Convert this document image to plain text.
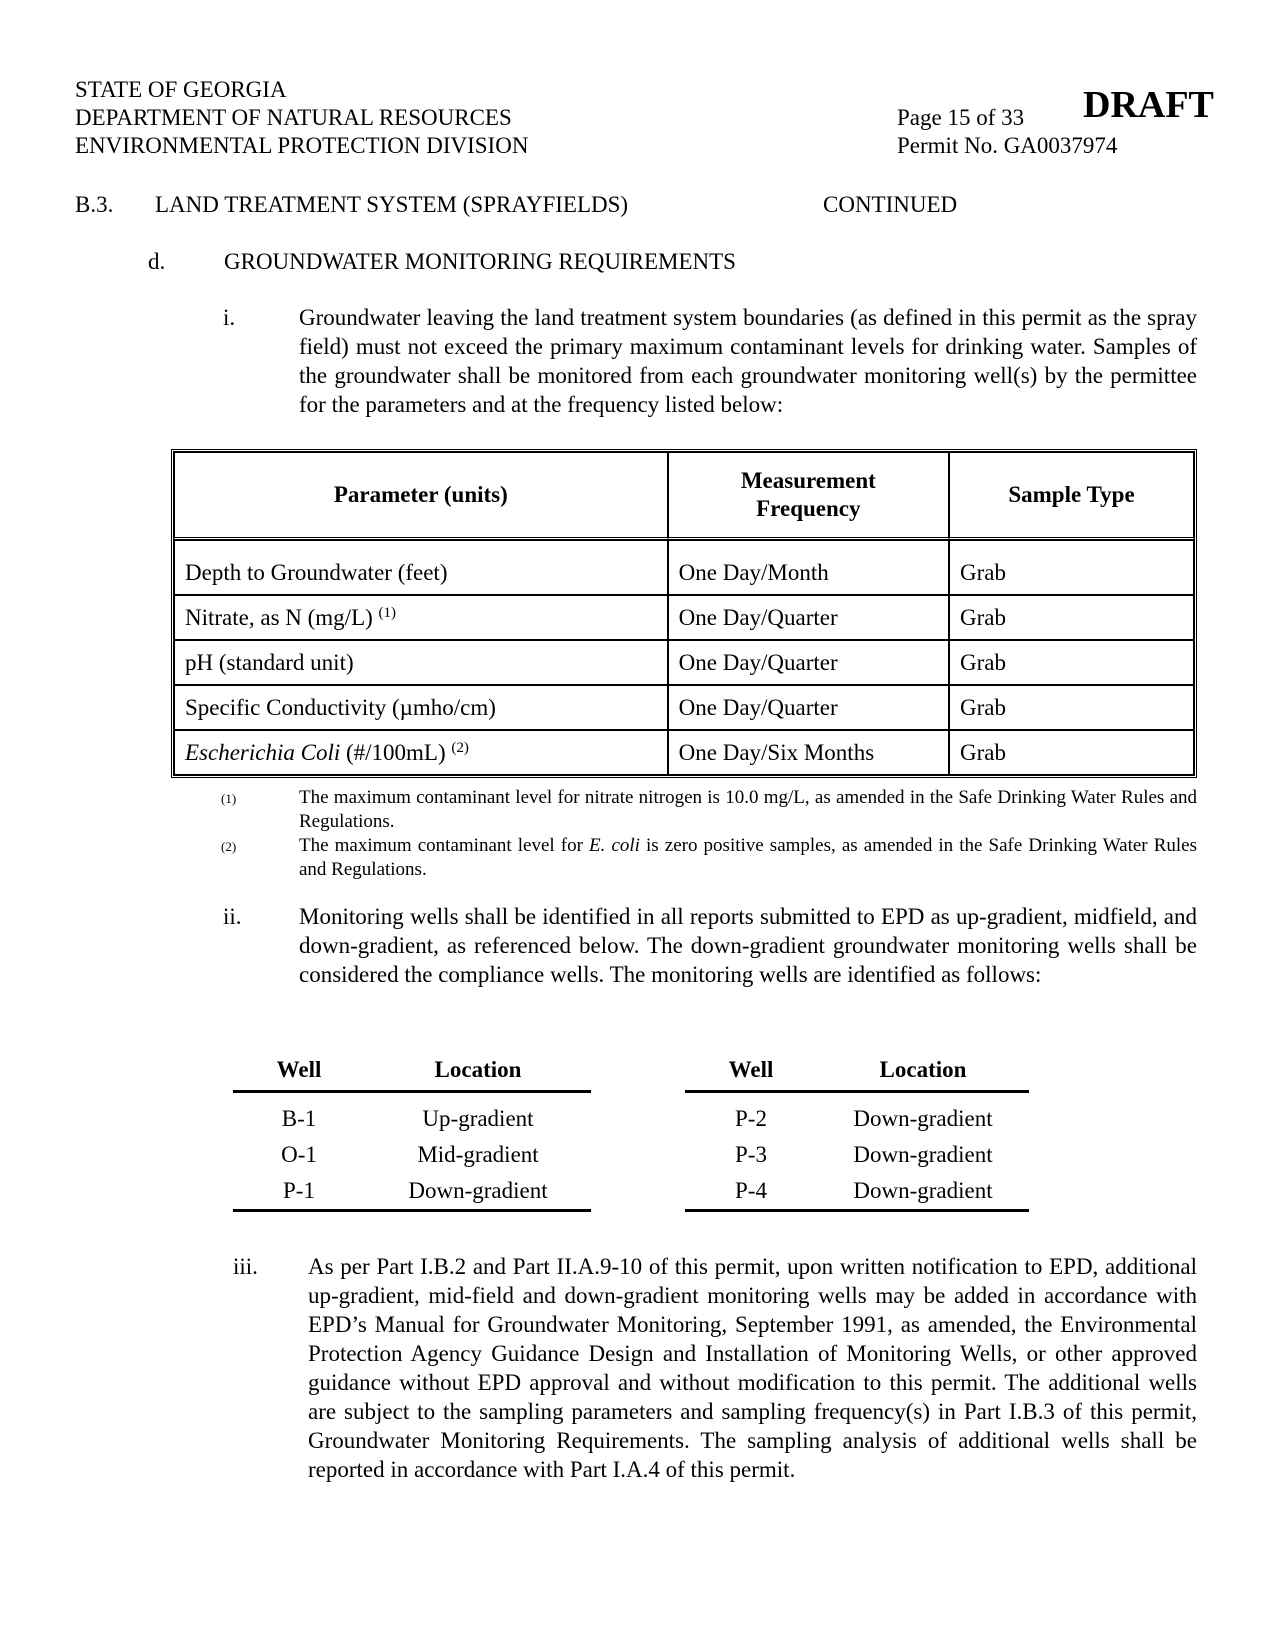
STATE OF GEORGIA
DEPARTMENT OF NATURAL RESOURCES
ENVIRONMENTAL PROTECTION DIVISION
Page 15 of 33
Permit No. GA0037974
DRAFT
B.3. LAND TREATMENT SYSTEM (SPRAYFIELDS)	CONTINUED
d.	GROUNDWATER MONITORING REQUIREMENTS
i.	Groundwater leaving the land treatment system boundaries (as defined in this permit as the spray field) must not exceed the primary maximum contaminant levels for drinking water. Samples of the groundwater shall be monitored from each groundwater monitoring well(s) by the permittee for the parameters and at the frequency listed below:
Parameter (units)	Measurement Frequency	Sample Type
Depth to Groundwater (feet)	One Day/Month	Grab
Nitrate, as N (mg/L) $^{(1)}$	One Day/Quarter	Grab
pH (standard unit)	One Day/Quarter	Grab
Specific Conductivity (µmho/cm)	One Day/Quarter	Grab
Escherichia Coli (#/100mL) $^{(2)}$	One Day/Six Months	Grab
(1)	The maximum contaminant level for nitrate nitrogen is 10.0 mg/L, as amended in the Safe Drinking Water Rules and Regulations.
(2)	The maximum contaminant level for E. coli is zero positive samples, as amended in the Safe Drinking Water Rules and Regulations.
ii. Monitoring wells shall be identified in all reports submitted to EPD as up-gradient, midfield, and down-gradient, as referenced below. The down-gradient groundwater monitoring wells shall be considered the compliance wells. The monitoring wells are identified as follows:
Well	Location
B-1	Up-gradient
O-1	Mid-gradient
P-1	Down-gradient
Well	Location
P-2	Down-gradient
P-3	Down-gradient
P-4	Down-gradient
iii. As per Part I.B.2 and Part II.A.9-10 of this permit, upon written notification to EPD, additional up-gradient, mid-field and down-gradient monitoring wells may be added in accordance with EPD’s Manual for Groundwater Monitoring, September 1991, as amended, the Environmental Protection Agency Guidance Design and Installation of Monitoring Wells, or other approved guidance without EPD approval and without modification to this permit. The additional wells are subject to the sampling parameters and sampling frequency(s) in Part I.B.3 of this permit, Groundwater Monitoring Requirements. The sampling analysis of additional wells shall be reported in accordance with Part I.A.4 of this permit.
